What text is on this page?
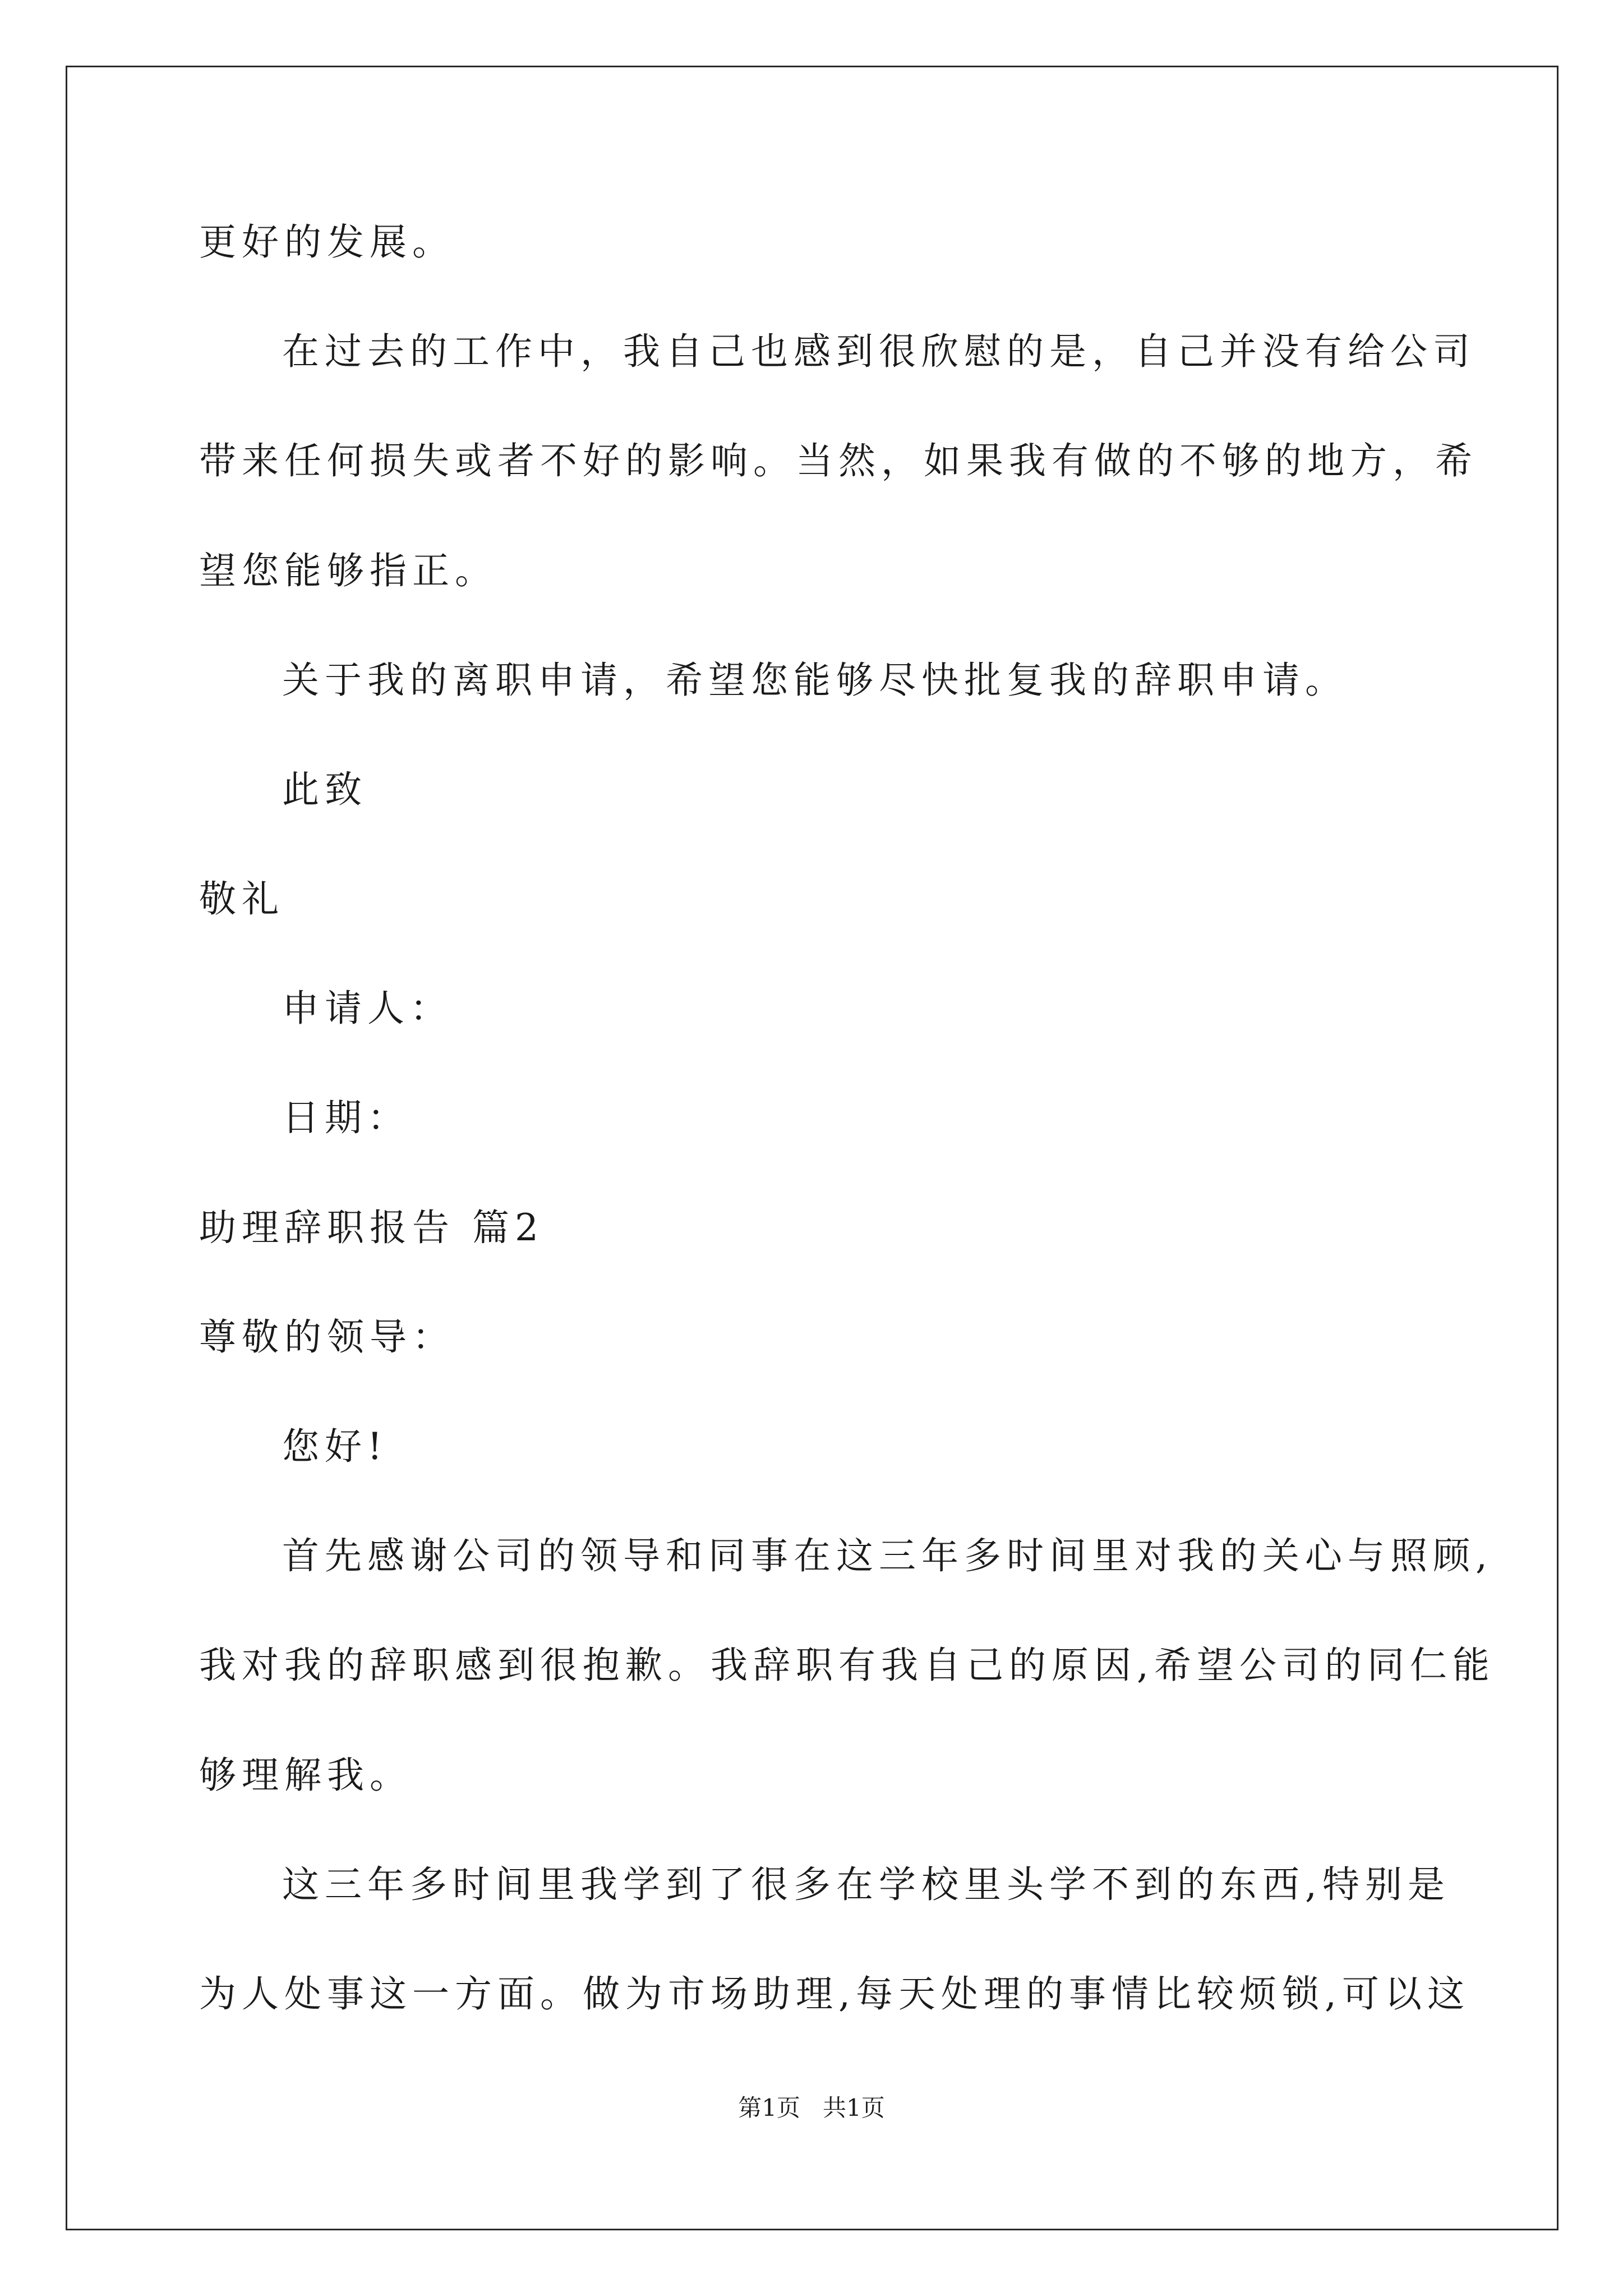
更好的发展。
在过去的工作中，我自己也感到很欣慰的是，自己并没有给公司
带来任何损失或者不好的影响。当然，如果我有做的不够的地方，希
望您能够指正。
关于我的离职申请，希望您能够尽快批复我的辞职申请。
此致
敬礼
申请人：
日期：
助理辞职报告 篇2
尊敬的领导：
您好!
首先感谢公司的领导和同事在这三年多时间里对我的关心与照顾,
我对我的辞职感到很抱歉。我辞职有我自己的原因,希望公司的同仁能
够理解我。
这三年多时间里我学到了很多在学校里头学不到的东西,特别是
为人处事这一方面。做为市场助理,每天处理的事情比较烦锁,可以这
第1页   共1页
